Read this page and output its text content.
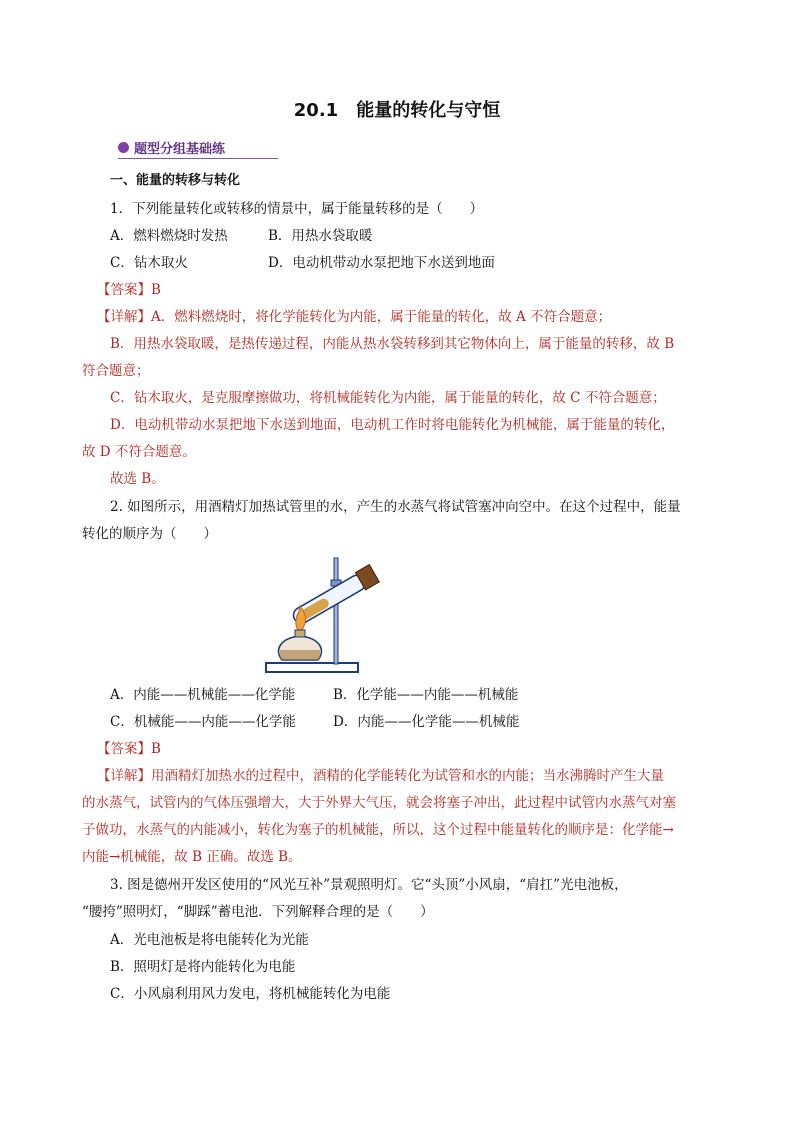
20.1　能量的转化与守恒
题型分组基础练
一、能量的转移与转化
1．下列能量转化或转移的情景中，属于能量转移的是（　　）
A．燃料燃烧时发热	B．用热水袋取暖
C．钻木取火	D．电动机带动水泵把地下水送到地面
【答案】B
【详解】A．燃料燃烧时，将化学能转化为内能，属于能量的转化，故 A 不符合题意；
B．用热水袋取暖，是热传递过程，内能从热水袋转移到其它物体向上，属于能量的转移，故 B
符合题意；
C．钻木取火，是克服摩擦做功，将机械能转化为内能，属于能量的转化，故 C 不符合题意；
D．电动机带动水泵把地下水送到地面，电动机工作时将电能转化为机械能，属于能量的转化，
故 D 不符合题意。
故选 B。
2. 如图所示，用酒精灯加热试管里的水，产生的水蒸气将试管塞冲向空中。在这个过程中，能量
转化的顺序为（　　）
A．内能——机械能——化学能	B．化学能——内能——机械能
C．机械能——内能——化学能	D．内能——化学能——机械能
【答案】B
【详解】用酒精灯加热水的过程中，酒精的化学能转化为试管和水的内能；当水沸腾时产生大量
的水蒸气，试管内的气体压强增大，大于外界大气压，就会将塞子冲出，此过程中试管内水蒸气对塞
子做功，水蒸气的内能减小，转化为塞子的机械能，所以，这个过程中能量转化的顺序是：化学能→
内能→机械能，故 B 正确。故选 B。
3. 图是德州开发区使用的“风光互补”景观照明灯。它“头顶”小风扇，“肩扛”光电池板，
“腰挎”照明灯，“脚踩”蓄电池．下列解释合理的是（　　）
A．光电池板是将电能转化为光能
B．照明灯是将内能转化为电能
C．小风扇利用风力发电，将机械能转化为电能
